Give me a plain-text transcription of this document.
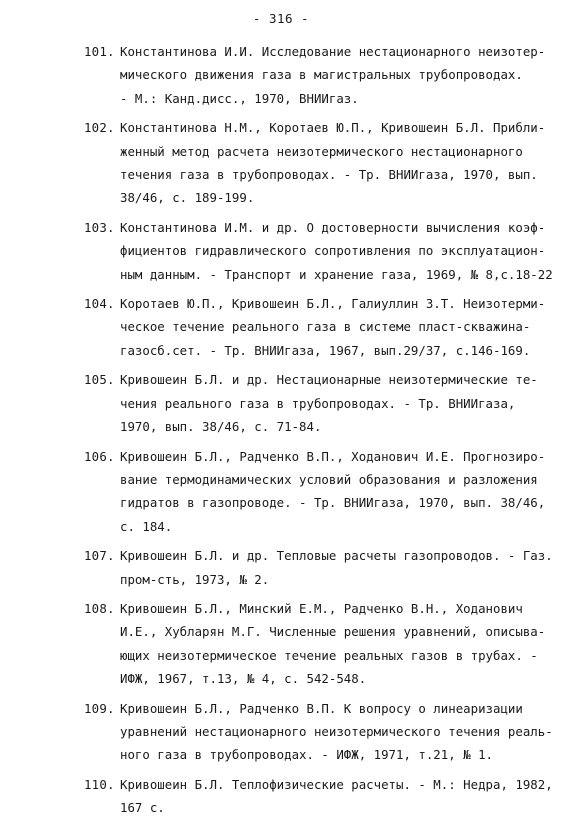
- 316 -
101. Константинова И.И. Исследование нестационарного неизотер-
мического движения газа в магистральных трубопроводах.
- М.: Канд.дисс., 1970, ВНИИгаз.
102. Константинова Н.М., Коротаев Ю.П., Кривошеин Б.Л. Прибли-
женный метод расчета неизотермического нестационарного
течения газа в трубопроводах. - Тр. ВНИИгаза, 1970, вып.
38/46, с. 189-199.
103. Константинова И.М. и др. О достоверности вычисления коэф-
фициентов гидравлического сопротивления по эксплуатацион-
ным данным. - Транспорт и хранение газа, 1969, № 8,с.18-22
104. Коротаев Ю.П., Кривошеин Б.Л., Галиуллин З.Т. Неизотерми-
ческое течение реального газа в системе пласт-скважина-
газосб.сет. - Тр. ВНИИгаза, 1967, вып.29/37, с.146-169.
105. Кривошеин Б.Л. и др. Нестационарные неизотермические те-
чения реального газа в трубопроводах. - Тр. ВНИИгаза,
1970, вып. 38/46, с. 71-84.
106. Кривошеин Б.Л., Радченко В.П., Ходанович И.Е. Прогнозиро-
вание термодинамических условий образования и разложения
гидратов в газопроводе. - Тр. ВНИИгаза, 1970, вып. 38/46,
с. 184.
107. Кривошеин Б.Л. и др. Тепловые расчеты газопроводов. - Газ.
пром-сть, 1973, № 2.
108. Кривошеин Б.Л., Минский Е.М., Радченко В.Н., Ходанович
И.Е., Хубларян М.Г. Численные решения уравнений, описыва-
ющих неизотермическое течение реальных газов в трубах. -
ИФЖ, 1967, т.13, № 4, с. 542-548.
109. Кривошеин Б.Л., Радченко В.П. К вопросу о линеаризации
уравнений нестационарного неизотермического течения реаль-
ного газа в трубопроводах. - ИФЖ, 1971, т.21, № 1.
110. Кривошеин Б.Л. Теплофизические расчеты. - М.: Недра, 1982,
167 с.
